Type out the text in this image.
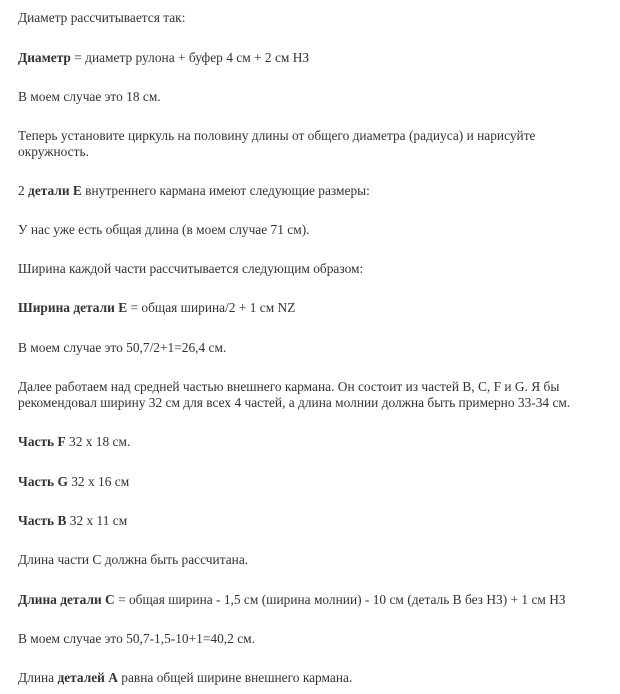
Диаметр рассчитывается так:

Диаметр = диаметр рулона + буфер 4 см + 2 см НЗ

В моем случае это 18 см.

Теперь установите циркуль на половину длины от общего диаметра (радиуса) и нарисуйте окружность.

2 детали Е внутреннего кармана имеют следующие размеры:

У нас уже есть общая длина (в моем случае 71 см).

Ширина каждой части рассчитывается следующим образом:

Ширина детали E = общая ширина/2 + 1 см NZ

В моем случае это 50,7/2+1=26,4 см.

Далее работаем над средней частью внешнего кармана. Он состоит из частей B, C, F и G. Я бы рекомендовал ширину 32 см для всех 4 частей, а длина молнии должна быть примерно 33-34 см.

Часть F 32 x 18 см.

Часть G 32 x 16 см

Часть B 32 x 11 см

Длина части С должна быть рассчитана.

Длина детали С = общая ширина - 1,5 см (ширина молнии) - 10 см (деталь B без НЗ) + 1 см НЗ

В моем случае это 50,7-1,5-10+1=40,2 см.

Длина деталей А равна общей ширине внешнего кармана.
